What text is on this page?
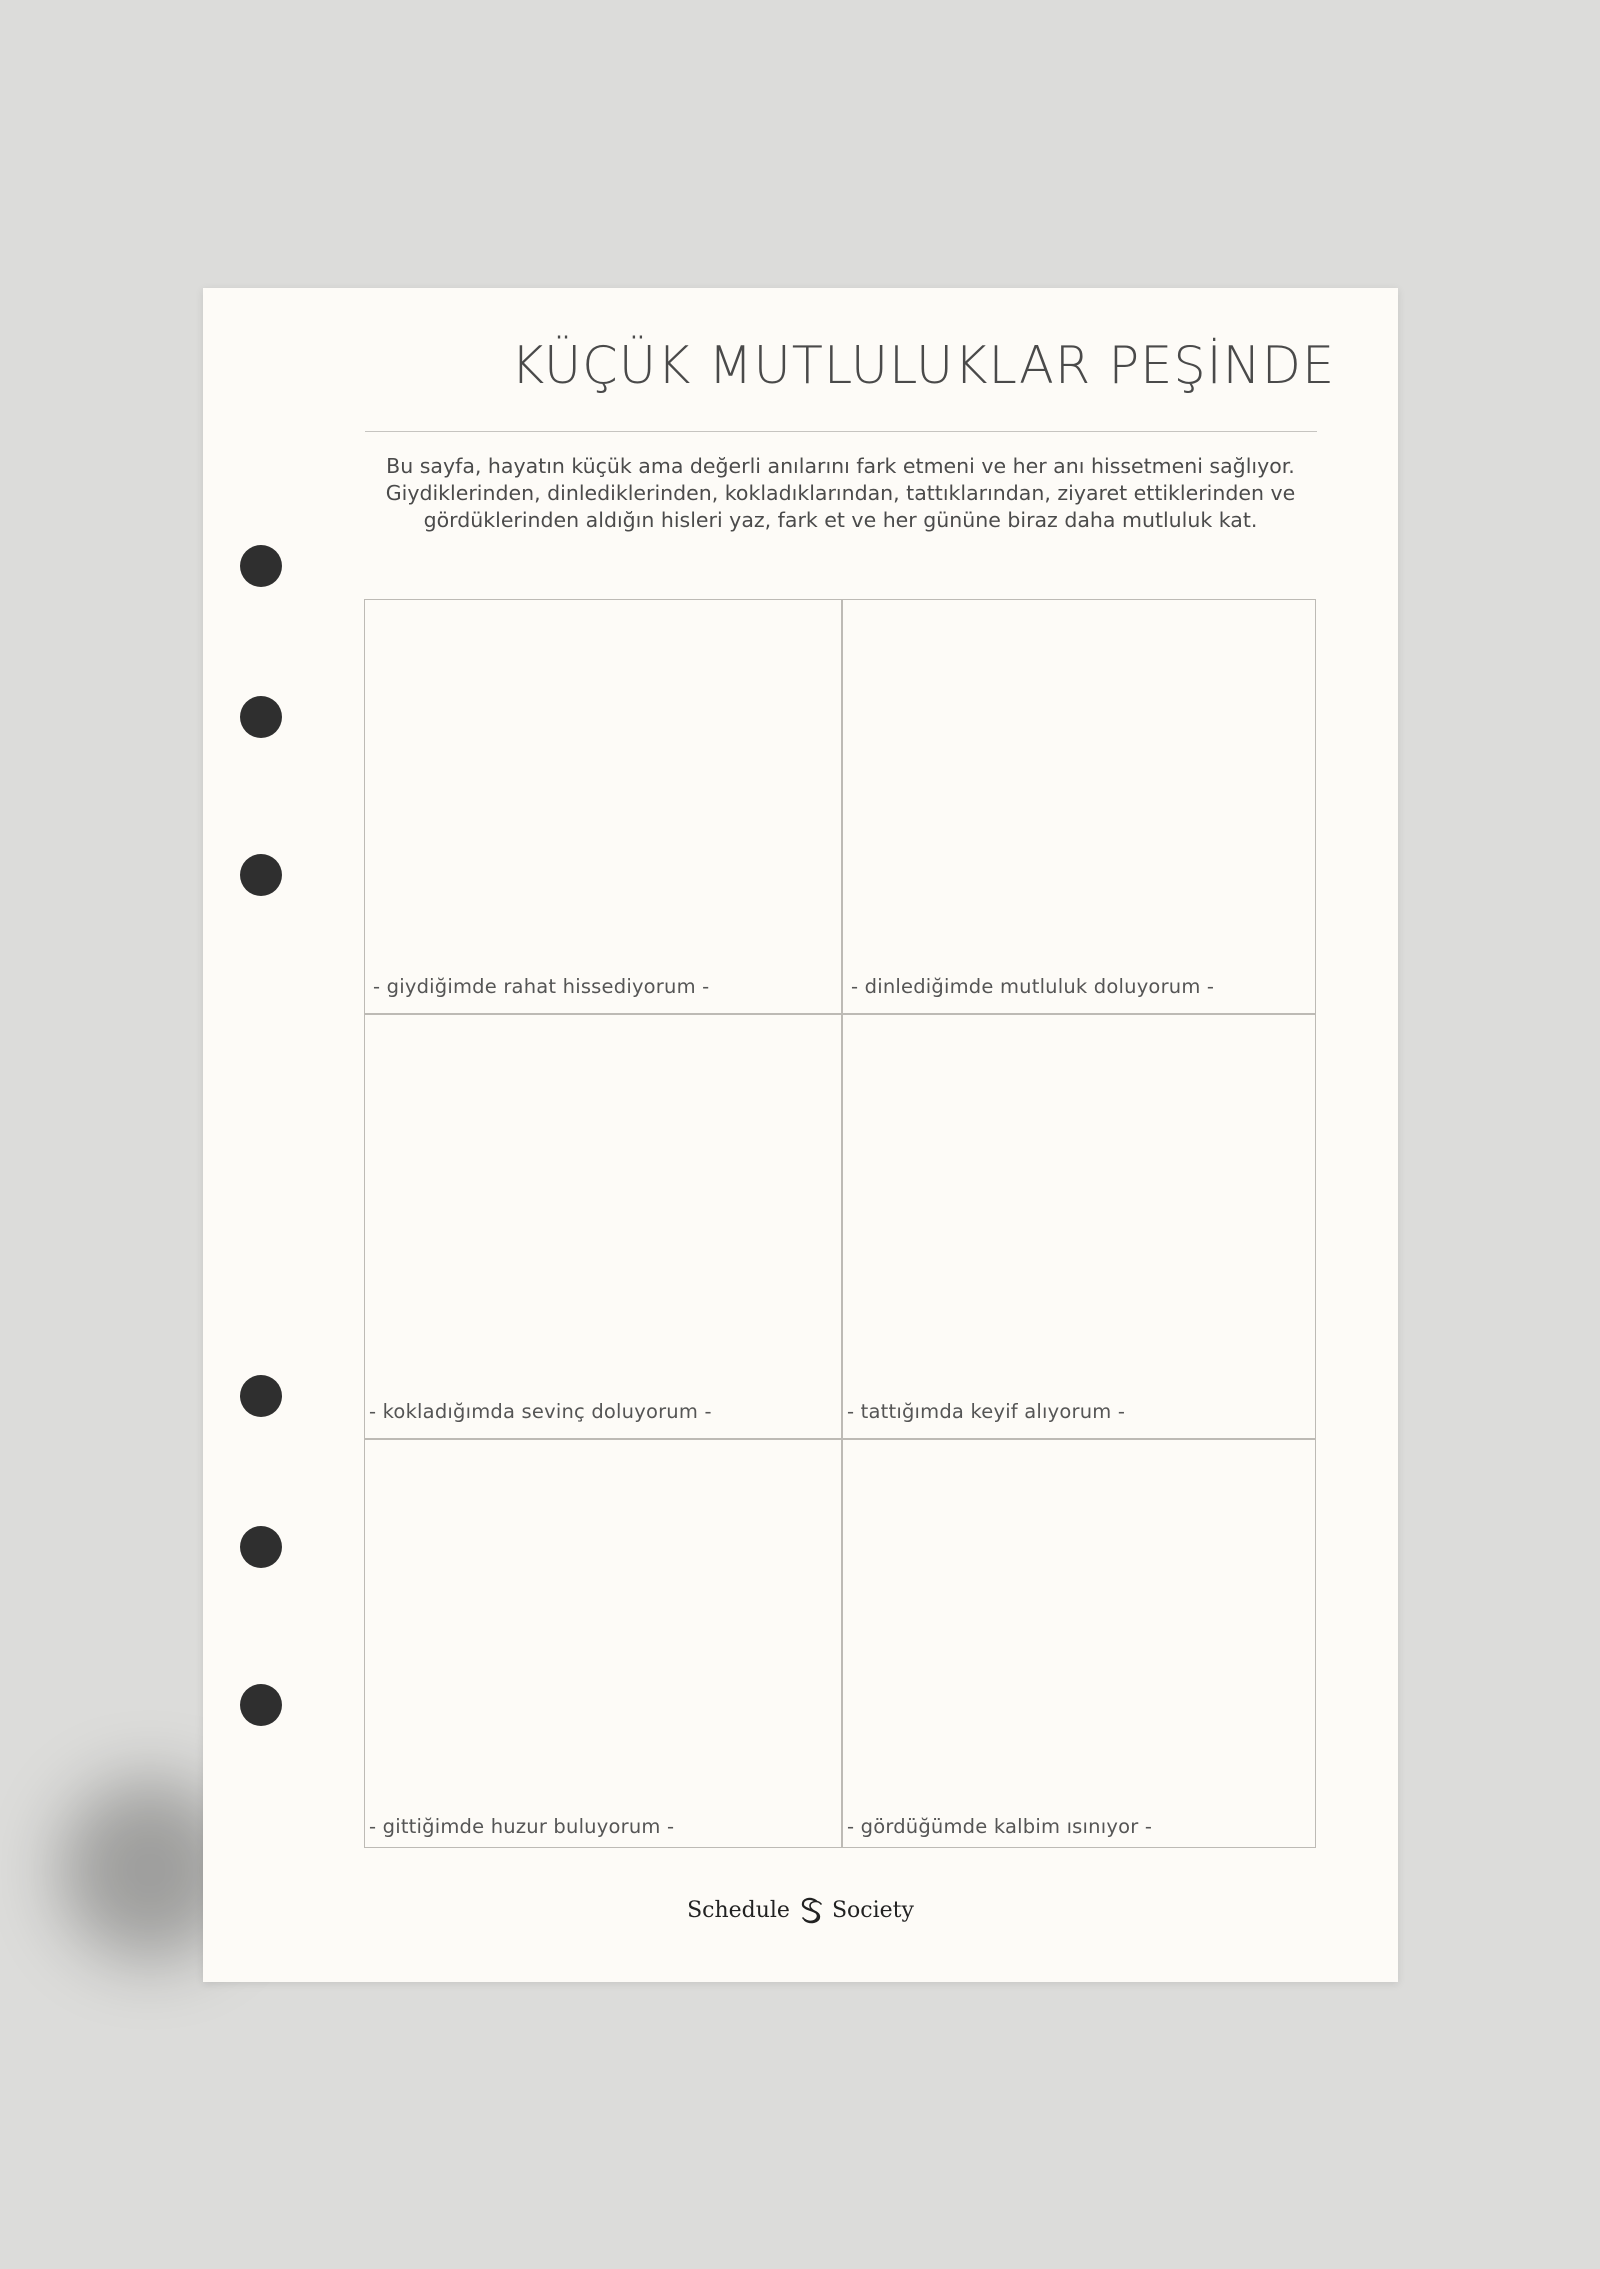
KÜÇÜK MUTLULUKLAR PEŞİNDE

Bu sayfa, hayatın küçük ama değerli anılarını fark etmeni ve her anı hissetmeni sağlıyor.
Giydiklerinden, dinlediklerinden, kokladıklarından, tattıklarından, ziyaret ettiklerinden ve
gördüklerinden aldığın hisleri yaz, fark et ve her gününe biraz daha mutluluk kat.

- giydiğimde rahat hissediyorum -	- dinlediğimde mutluluk doluyorum -
- kokladığımda sevinç doluyorum -	- tattığımda keyif alıyorum -
- gittiğimde huzur buluyorum -	- gördüğümde kalbim ısınıyor -
Schedule Society
